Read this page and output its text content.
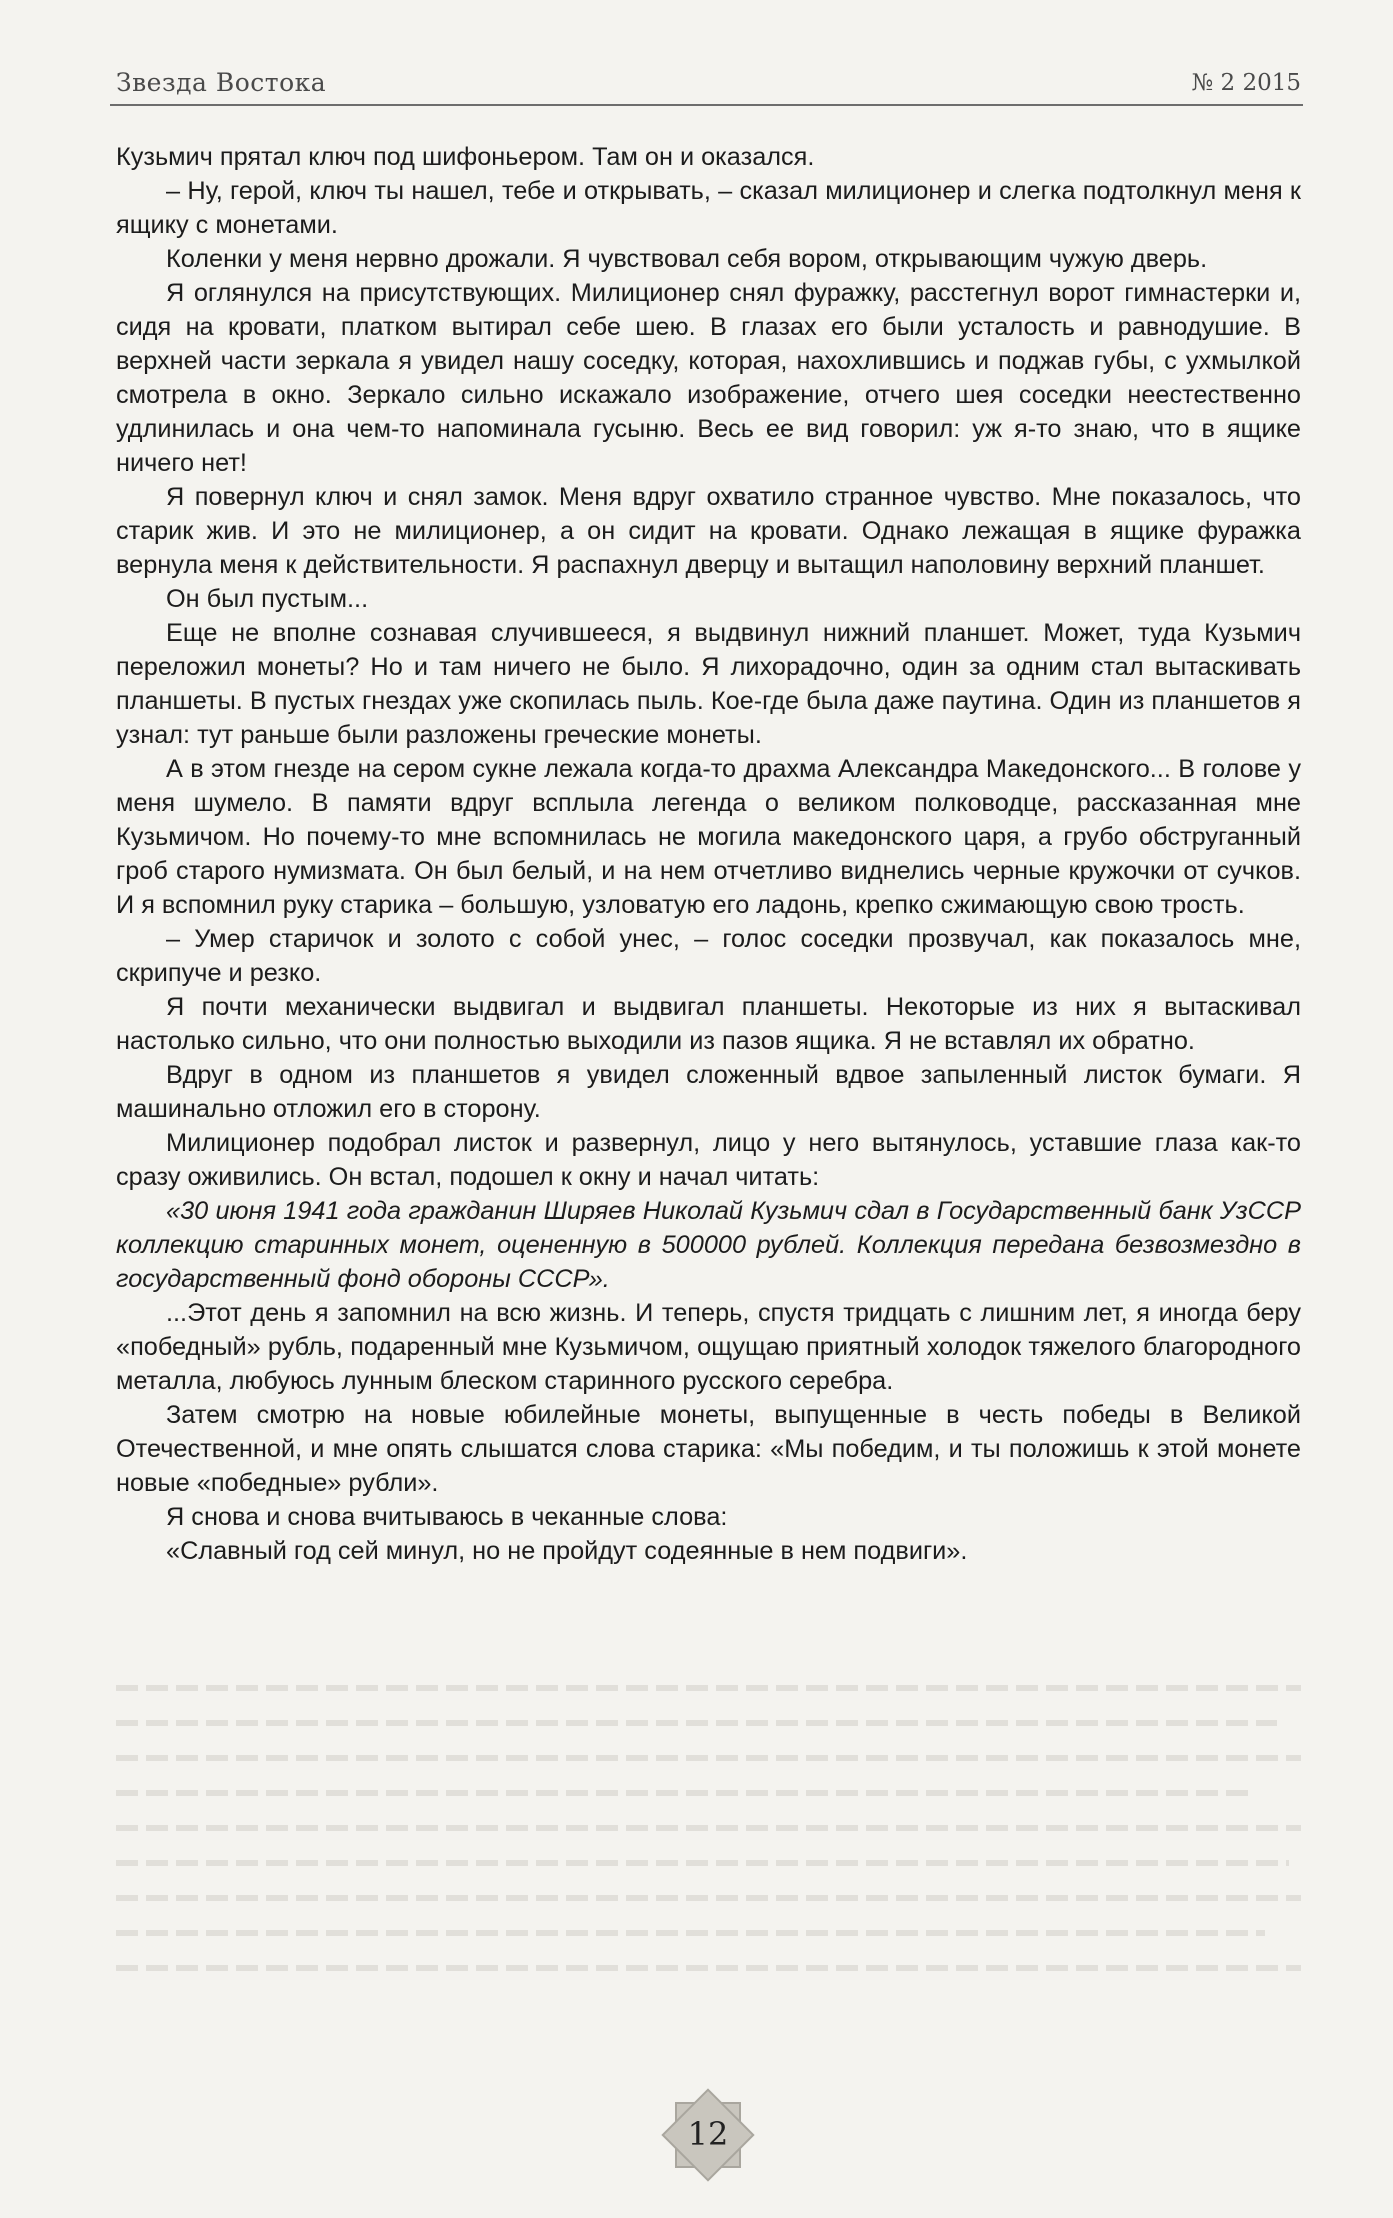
Звезда Востока	№ 2 2015

Кузьмич прятал ключ под шифоньером. Там он и оказался.

– Ну, герой, ключ ты нашел, тебе и открывать, – сказал милиционер и слегка подтолкнул меня к ящику с монетами.

Коленки у меня нервно дрожали. Я чувствовал себя вором, открывающим чужую дверь.

Я оглянулся на присутствующих. Милиционер снял фуражку, расстегнул ворот гимнастерки и, сидя на кровати, платком вытирал себе шею. В глазах его были усталость и равнодушие. В верхней части зеркала я увидел нашу соседку, которая, нахохлившись и поджав губы, с ухмылкой смотрела в окно. Зеркало сильно искажало изображение, отчего шея соседки неестественно удлинилась и она чем-то напоминала гусыню. Весь ее вид говорил: уж я-то знаю, что в ящике ничего нет!

Я повернул ключ и снял замок. Меня вдруг охватило странное чувство. Мне показалось, что старик жив. И это не милиционер, а он сидит на кровати. Однако лежащая в ящике фуражка вернула меня к действительности. Я распахнул дверцу и вытащил наполовину верхний планшет.

Он был пустым...

Еще не вполне сознавая случившееся, я выдвинул нижний планшет. Может, туда Кузьмич переложил монеты? Но и там ничего не было. Я лихорадочно, один за одним стал вытаскивать планшеты. В пустых гнездах уже скопилась пыль. Кое-где была даже паутина. Один из планшетов я узнал: тут раньше были разложены греческие монеты.

А в этом гнезде на сером сукне лежала когда-то драхма Александра Македонского... В голове у меня шумело. В памяти вдруг всплыла легенда о великом полководце, рассказанная мне Кузьмичом. Но почему-то мне вспомнилась не могила македонского царя, а грубо обструганный гроб старого нумизмата. Он был белый, и на нем отчетливо виднелись черные кружочки от сучков. И я вспомнил руку старика – большую, узловатую его ладонь, крепко сжимающую свою трость.

– Умер старичок и золото с собой унес, – голос соседки прозвучал, как показалось мне, скрипуче и резко.

Я почти механически выдвигал и выдвигал планшеты. Некоторые из них я вытаскивал настолько сильно, что они полностью выходили из пазов ящика. Я не вставлял их обратно.

Вдруг в одном из планшетов я увидел сложенный вдвое запыленный листок бумаги. Я машинально отложил его в сторону.

Милиционер подобрал листок и развернул, лицо у него вытянулось, уставшие глаза как-то сразу оживились. Он встал, подошел к окну и начал читать:

«30 июня 1941 года гражданин Ширяев Николай Кузьмич сдал в Государственный банк УзССР коллекцию старинных монет, оцененную в 500000 рублей. Коллекция передана безвозмездно в государственный фонд обороны СССР».

...Этот день я запомнил на всю жизнь. И теперь, спустя тридцать с лишним лет, я иногда беру «победный» рубль, подаренный мне Кузьмичом, ощущаю приятный холодок тяжелого благородного металла, любуюсь лунным блеском старинного русского серебра.

Затем смотрю на новые юбилейные монеты, выпущенные в честь победы в Великой Отечественной, и мне опять слышатся слова старика: «Мы победим, и ты положишь к этой монете новые «победные» рубли».

Я снова и снова вчитываюсь в чеканные слова:

«Славный год сей минул, но не пройдут содеянные в нем подвиги».

12
